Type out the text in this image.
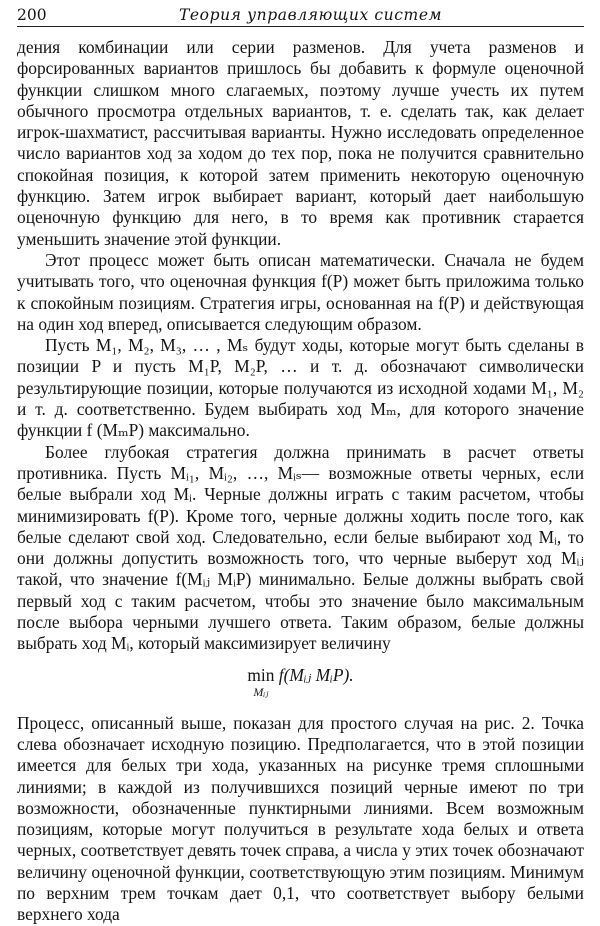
200	Теория управляющих систем

дения комбинации или серии разменов. Для учета разменов и форсированных вариантов пришлось бы добавить к формуле оценочной функции слишком много слагаемых, поэтому лучше учесть их путем обычного просмотра отдельных вариантов, т. е. сделать так, как делает игрок-шахматист, рассчитывая варианты. Нужно исследовать определенное число вариантов ход за ходом до тех пор, пока не получится сравнительно спокойная позиция, к которой затем применить некоторую оценочную функцию. Затем игрок выбирает вариант, который дает наибольшую оценочную функцию для него, в то время как противник старается уменьшить значение этой функции.

Этот процесс может быть описан математически. Сначала не будем учитывать того, что оценочная функция f(P) может быть приложима только к спокойным позициям. Стратегия игры, основанная на f(P) и действующая на один ход вперед, описывается следующим образом.

Пусть M₁, M₂, M₃, … , Mₛ будут ходы, которые могут быть сделаны в позиции P и пусть M₁P, M₂P, … и т. д. обозначают символически результирующие позиции, которые получаются из исходной ходами M₁, M₂ и т. д. соответственно. Будем выбирать ход Mₘ, для которого значение функции f (MₘP) максимально.

Более глубокая стратегия должна принимать в расчет ответы противника. Пусть Mᵢ₁, Mᵢ₂, …, Mᵢₛ— возможные ответы черных, если белые выбрали ход Mᵢ. Черные должны играть с таким расчетом, чтобы минимизировать f(P). Кроме того, черные должны ходить после того, как белые сделают свой ход. Следовательно, если белые выбирают ход Mᵢ, то они должны допустить возможность того, что черные выберут ход Mᵢⱼ такой, что значение f(Mᵢⱼ MᵢP) минимально. Белые должны выбрать свой первый ход с таким расчетом, чтобы это значение было максимальным после выбора черными лучшего ответа. Таким образом, белые должны выбрать ход Mᵢ, который максимизирует величину

min
Mᵢⱼ
f(Mᵢⱼ MᵢP).

Процесс, описанный выше, показан для простого случая на рис. 2. Точка слева обозначает исходную позицию. Предполагается, что в этой позиции имеется для белых три хода, указанных на рисунке тремя сплошными линиями; в каждой из получившихся позиций черные имеют по три возможности, обозначенные пунктирными линиями. Всем возможным позициям, которые могут получиться в результате хода белых и ответа черных, соответствует девять точек справа, а числа у этих точек обозначают величину оценочной функции, соответствующую этим позициям. Минимум по верхним трем точкам дает 0,1, что соответствует выбору белыми верхнего хода
